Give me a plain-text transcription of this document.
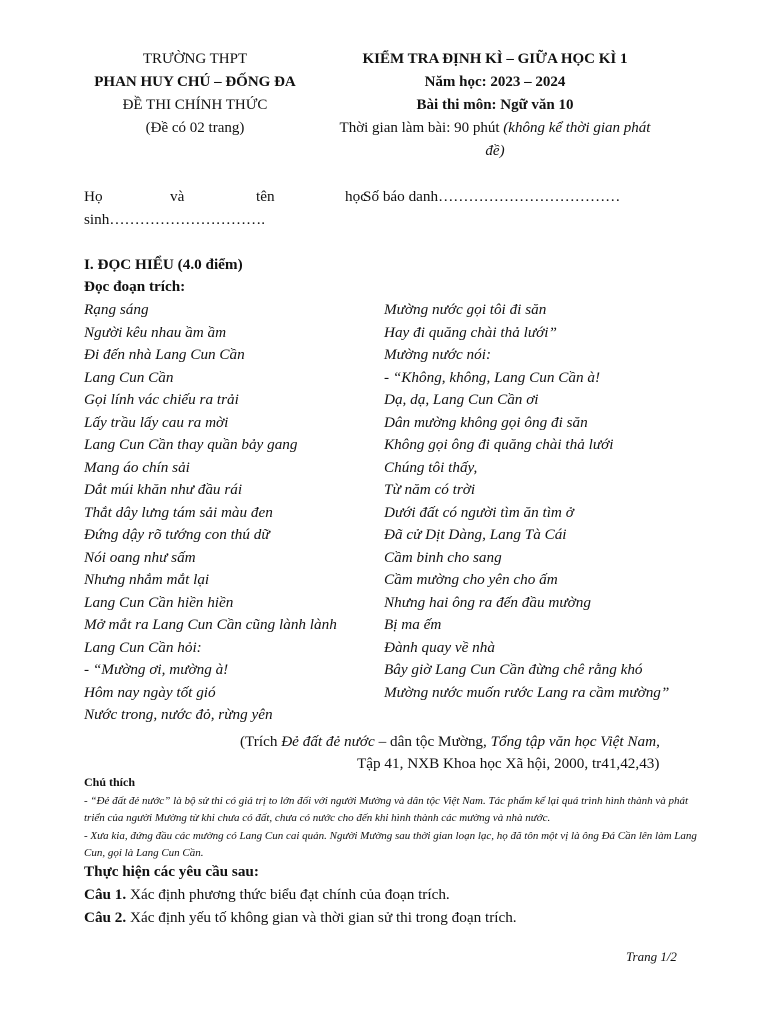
TRƯỜNG THPT
PHAN HUY CHÚ – ĐỐNG ĐA
ĐỀ THI CHÍNH THỨC
(Đề có 02 trang)
KIỂM TRA ĐỊNH KÌ – GIỮA HỌC KÌ 1
Năm học: 2023 – 2024
Bài thi môn: Ngữ văn 10
Thời gian làm bài: 90 phút (không kể thời gian phát
đề)
Họ	và	tên	học
Số báo danh………………………………
sinh………………………….
I. ĐỌC HIỂU (4.0 điểm)
Đọc đoạn trích:
Rạng sáng
Người kêu nhau ầm ầm
Đi đến nhà Lang Cun Cần
Lang Cun Cần
Gọi lính vác chiếu ra trải
Lấy trầu lấy cau ra mời
Lang Cun Cần thay quần bảy gang
Mang áo chín sải
Dắt múi khăn như đầu rái
Thắt dây lưng tám sải màu đen
Đứng dậy rõ tướng con thú dữ
Nói oang như sấm
Nhưng nhắm mắt lại
Lang Cun Cần hiền hiền
Mở mắt ra Lang Cun Cần cũng lành lành
Lang Cun Cần hỏi:
- “Mường ơi, mường à!
Hôm nay ngày tốt gió
Nước trong, nước đỏ, rừng yên
Mường nước gọi tôi đi săn
Hay đi quăng chài thả lưới”
Mường nước nói:
- “Không, không, Lang Cun Cần à!
Dạ, dạ, Lang Cun Cần ơi
Dân mường không gọi ông đi săn
Không gọi ông đi quăng chài thả lưới
Chúng tôi thấy,
Từ năm có trời
Dưới đất có người tìm ăn tìm ở
Đã cử Dịt Dàng, Lang Tà Cái
Cầm binh cho sang
Cầm mường cho yên cho ấm
Nhưng hai ông ra đến đầu mường
Bị ma ếm
Đành quay về nhà
Bây giờ Lang Cun Cần đừng chê rằng khó
Mường nước muốn rước Lang ra cầm mường”
(Trích Đẻ đất đẻ nước – dân tộc Mường, Tổng tập văn học Việt Nam,
Tập 41, NXB Khoa học Xã hội, 2000, tr41,42,43)
Chú thích
- “Đẻ đất đẻ nước” là bộ sử thi có giá trị to lớn đối với người Mường và dân tộc Việt Nam. Tác phẩm kể lại quá trình hình thành và phát triển của người Mường từ khi chưa có đất, chưa có nước cho đến khi hình thành các mường và nhà nước.
- Xưa kia, đứng đầu các mường có Lang Cun cai quản. Người Mường sau thời gian loạn lạc, họ đã tôn một vị là ông Đá Cần lên làm Lang Cun, gọi là Lang Cun Cần.
Thực hiện các yêu cầu sau:
Câu 1. Xác định phương thức biểu đạt chính của đoạn trích.
Câu 2. Xác định yếu tố không gian và thời gian sử thi trong đoạn trích.
Trang 1/2
